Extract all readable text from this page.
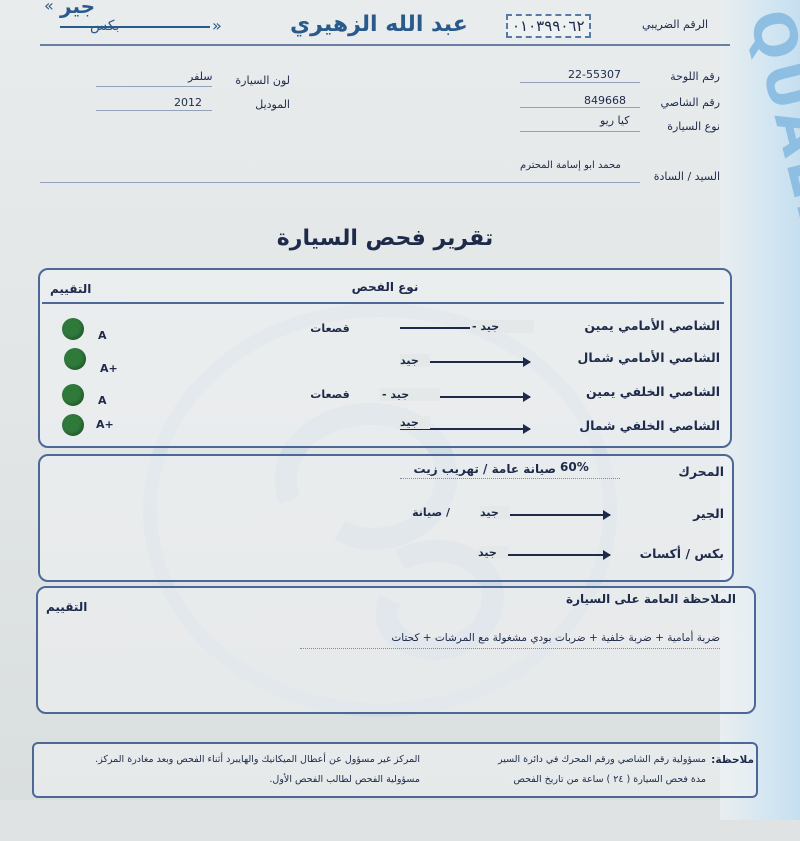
جير
«
بكس	»	عبد الله الزهيري	٠١٠٣٩٩٠٦٢	الرقم الضريبي
رقم اللوحة
22-55307
رقم الشاصي
849668
نوع السيارة
كيا ريو
لون السيارة
سلفر
الموديل
2012
محمد ابو إسامة المحترم
السيد / السادة
تقرير فحص السيارة
نوع الفحص
التقييم
الشاصي الأمامي يمين
جيد -
قصعات
A
الشاصي الأمامي شمال
جيد
A+
الشاصي الخلفي يمين
جيد -
قصعات
A
الشاصي الخلفي شمال
جيد
A+
المحرك
60%
صيانة عامة / تهريب زيت
الجير
جيد
/ صيانة
بكس / أكسات
جيد
الملاحظة العامة على السيارة
التقييم
ضربة أمامية + ضربة خلفية + ضربات بودي مشغولة مع المرشات + كحتات
ملاحظة:
مسؤولية رقم الشاصي ورقم المحرك في دائرة السير
المركز غير مسؤول عن أعطال الميكانيك والهايبرد أثناء الفحص وبعد مغادرة المركز.
مدة فحص السيارة ( ٢٤ ) ساعة من تاريخ الفحص
مسؤولية الفحص لطالب الفحص الأول.
